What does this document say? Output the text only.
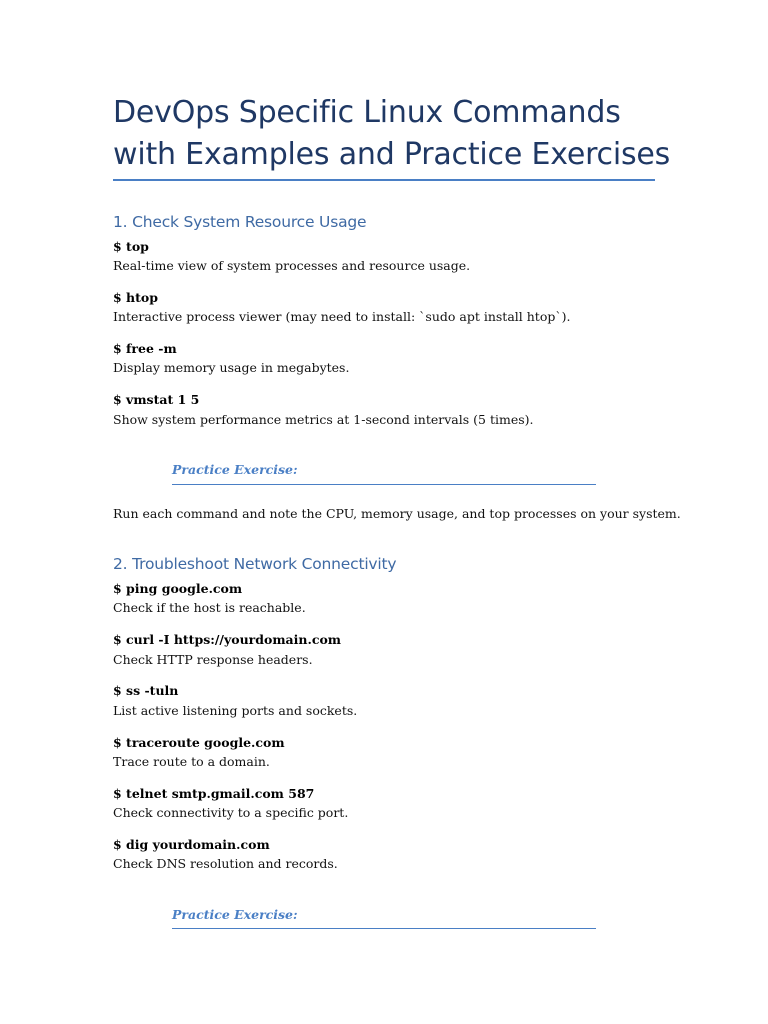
DevOps Specific Linux Commands with Examples and Practice Exercises
1. Check System Resource Usage

$ top

Real-time view of system processes and resource usage.

$ htop

Interactive process viewer (may need to install: `sudo apt install htop`).

$ free -m

Display memory usage in megabytes.

$ vmstat 1 5

Show system performance metrics at 1-second intervals (5 times).

Practice Exercise:

Run each command and note the CPU, memory usage, and top processes on your system.

2. Troubleshoot Network Connectivity

$ ping google.com

Check if the host is reachable.

$ curl -I https://yourdomain.com

Check HTTP response headers.

$ ss -tuln

List active listening ports and sockets.

$ traceroute google.com

Trace route to a domain.

$ telnet smtp.gmail.com 587

Check connectivity to a specific port.

$ dig yourdomain.com

Check DNS resolution and records.

Practice Exercise:
